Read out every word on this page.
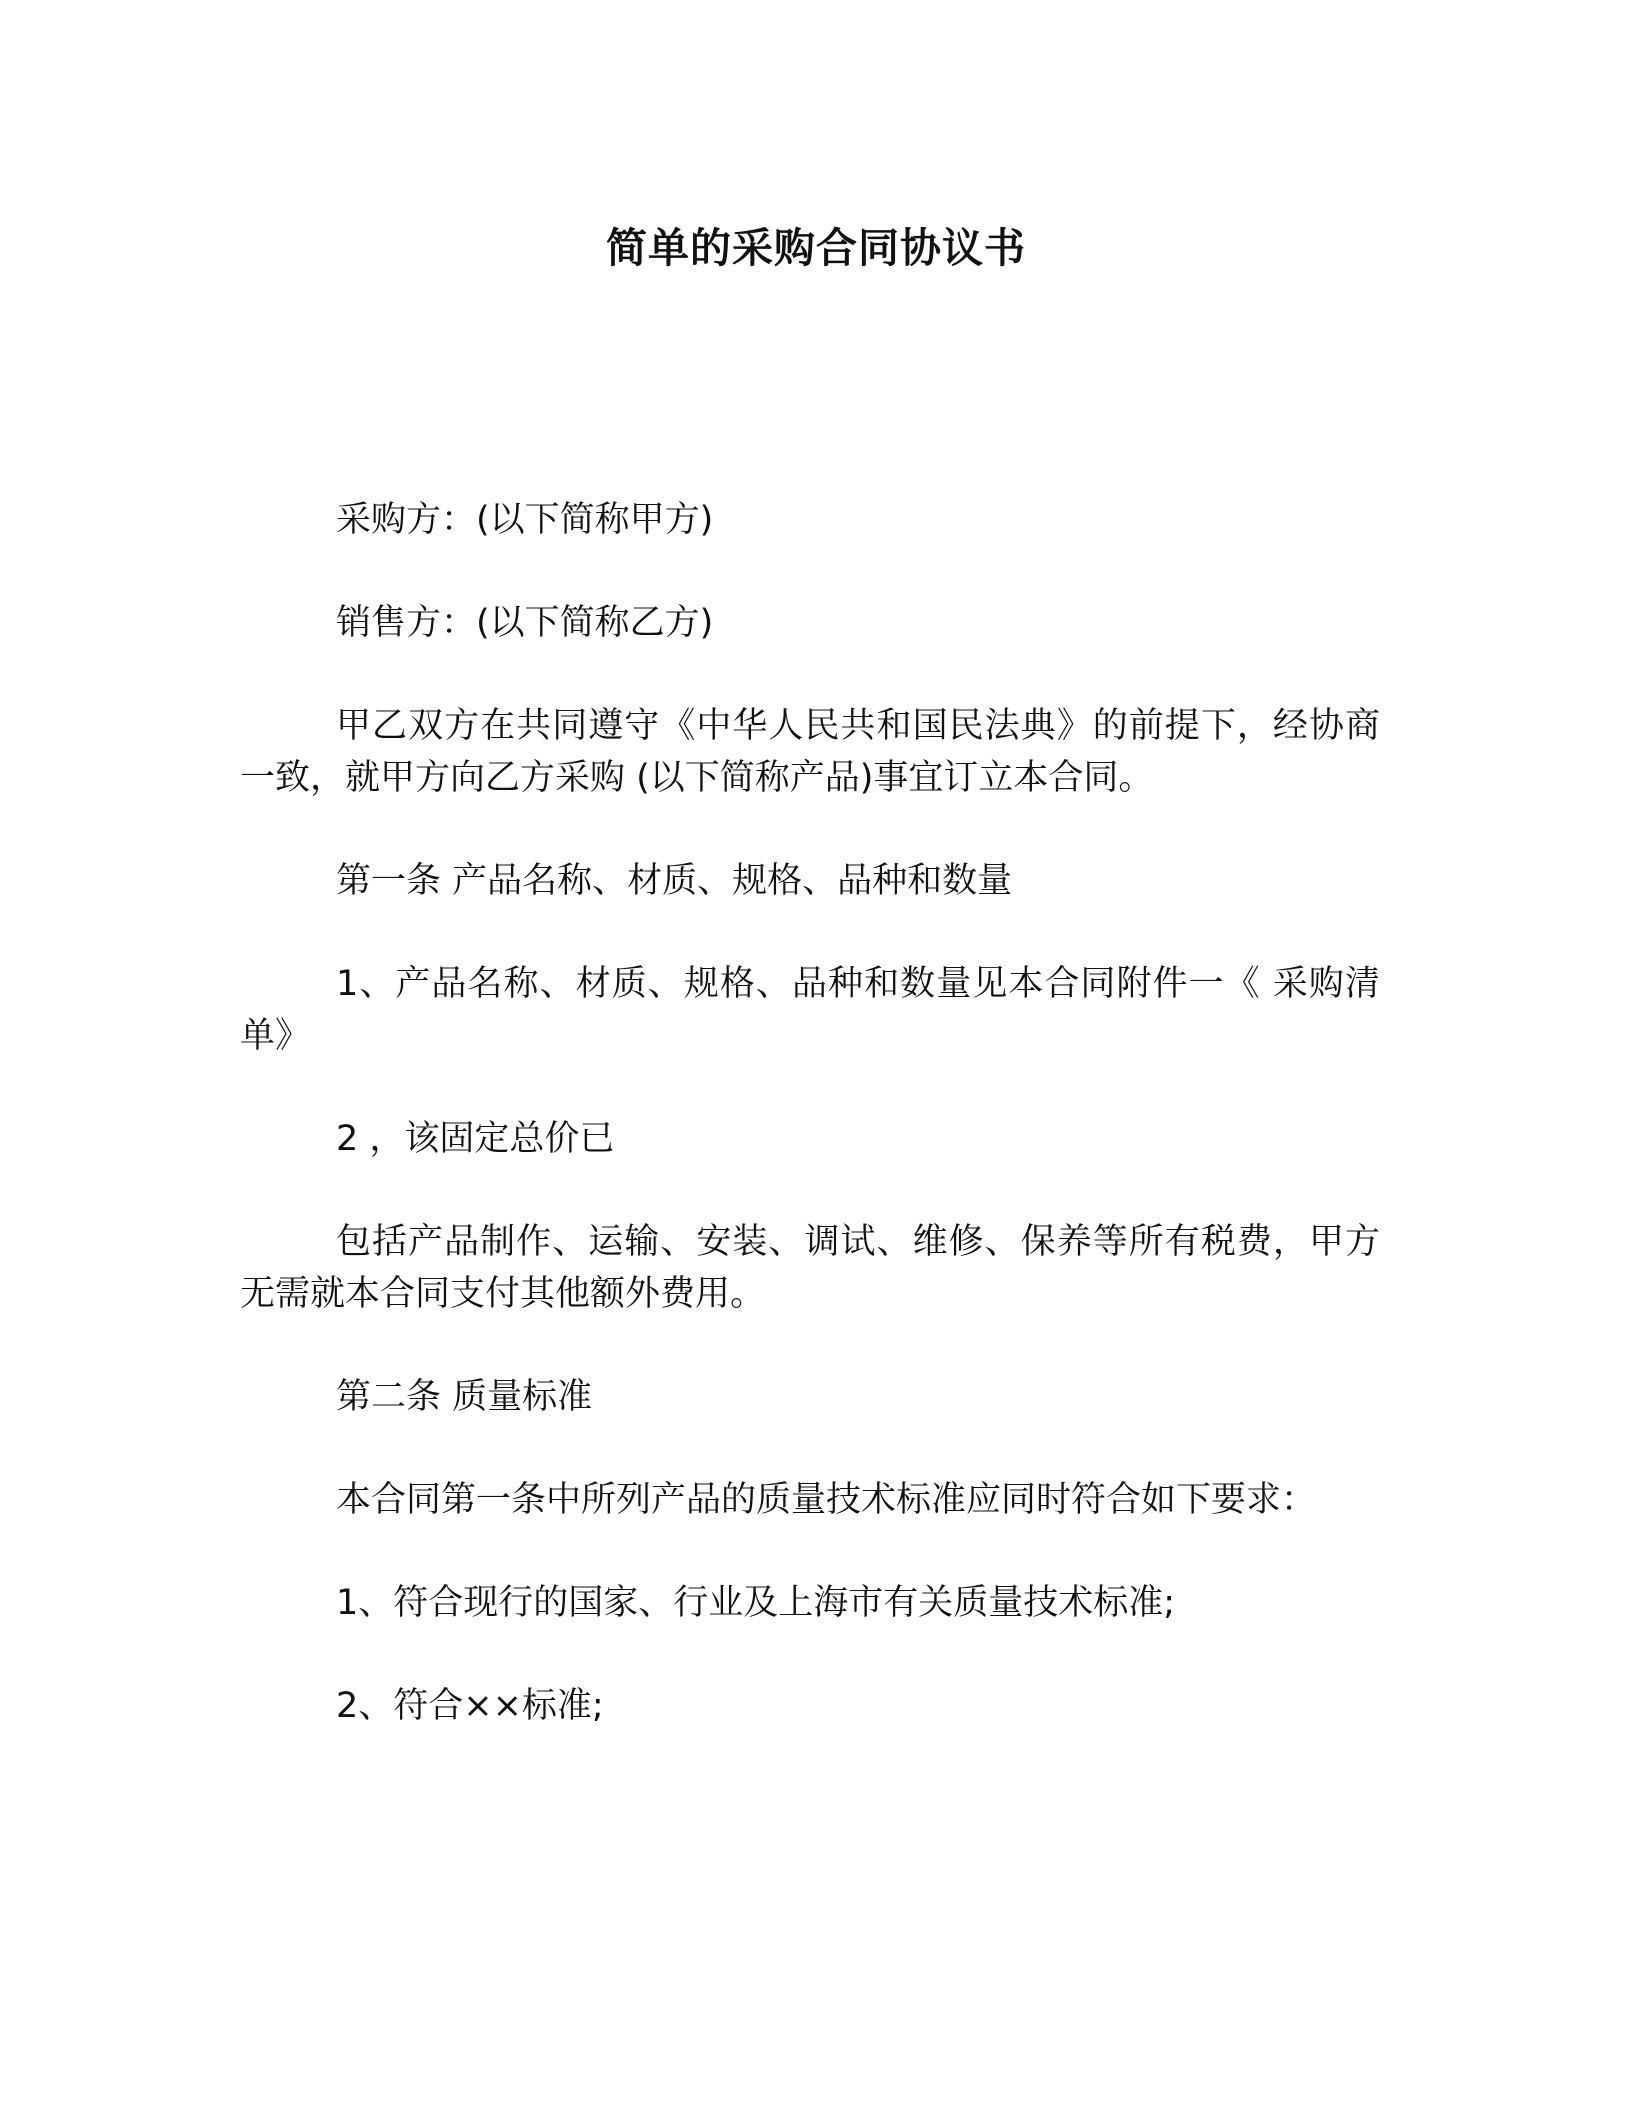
简单的采购合同协议书

采购方：(以下简称甲方)

销售方：(以下简称乙方)

甲乙双方在共同遵守《中华人民共和国民法典》的前提下，经协商一致，就甲方向乙方采购 (以下简称产品)事宜订立本合同。

第一条 产品名称、材质、规格、品种和数量

1、产品名称、材质、规格、品种和数量见本合同附件一《 采购清单》

2 ，该固定总价已

包括产品制作、运输、安装、调试、维修、保养等所有税费，甲方无需就本合同支付其他额外费用。

第二条 质量标准

本合同第一条中所列产品的质量技术标准应同时符合如下要求：

1、符合现行的国家、行业及上海市有关质量技术标准;

2、符合××标准;
